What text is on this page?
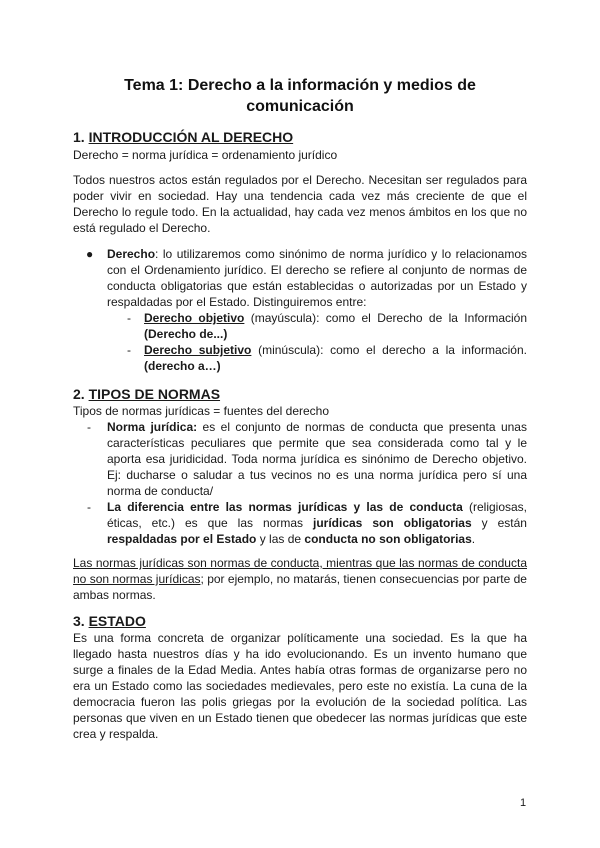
Tema 1: Derecho a la información y medios de comunicación
1. INTRODUCCIÓN AL DERECHO

Derecho = norma jurídica = ordenamiento jurídico

Todos nuestros actos están regulados por el Derecho. Necesitan ser regulados para poder vivir en sociedad. Hay una tendencia cada vez más creciente de que el Derecho lo regule todo. En la actualidad, hay cada vez menos ámbitos en los que no está regulado el Derecho.

● Derecho: lo utilizaremos como sinónimo de norma jurídico y lo relacionamos con el Ordenamiento jurídico. El derecho se refiere al conjunto de normas de conducta obligatorias que están establecidas o autorizadas por un Estado y respaldadas por el Estado. Distinguiremos entre:
- Derecho objetivo (mayúscula): como el Derecho de la Información (Derecho de...)
- Derecho subjetivo (minúscula): como el derecho a la información. (derecho a…)
2. TIPOS DE NORMAS

Tipos de normas jurídicas = fuentes del derecho

- Norma jurídica: es el conjunto de normas de conducta que presenta unas características peculiares que permite que sea considerada como tal y le aporta esa juridicidad. Toda norma jurídica es sinónimo de Derecho objetivo. Ej: ducharse o saludar a tus vecinos no es una norma jurídica pero sí una norma de conducta/
- La diferencia entre las normas jurídicas y las de conducta (religiosas, éticas, etc.) es que las normas jurídicas son obligatorias y están respaldadas por el Estado y las de conducta no son obligatorias.

Las normas jurídicas son normas de conducta, mientras que las normas de conducta no son normas jurídicas; por ejemplo, no matarás, tienen consecuencias por parte de ambas normas.

3. ESTADO

Es una forma concreta de organizar políticamente una sociedad. Es la que ha llegado hasta nuestros días y ha ido evolucionando. Es un invento humano que surge a finales de la Edad Media. Antes había otras formas de organizarse pero no era un Estado como las sociedades medievales, pero este no existía. La cuna de la democracia fueron las polis griegas por la evolución de la sociedad política. Las personas que viven en un Estado tienen que obedecer las normas jurídicas que este crea y respalda.

1
